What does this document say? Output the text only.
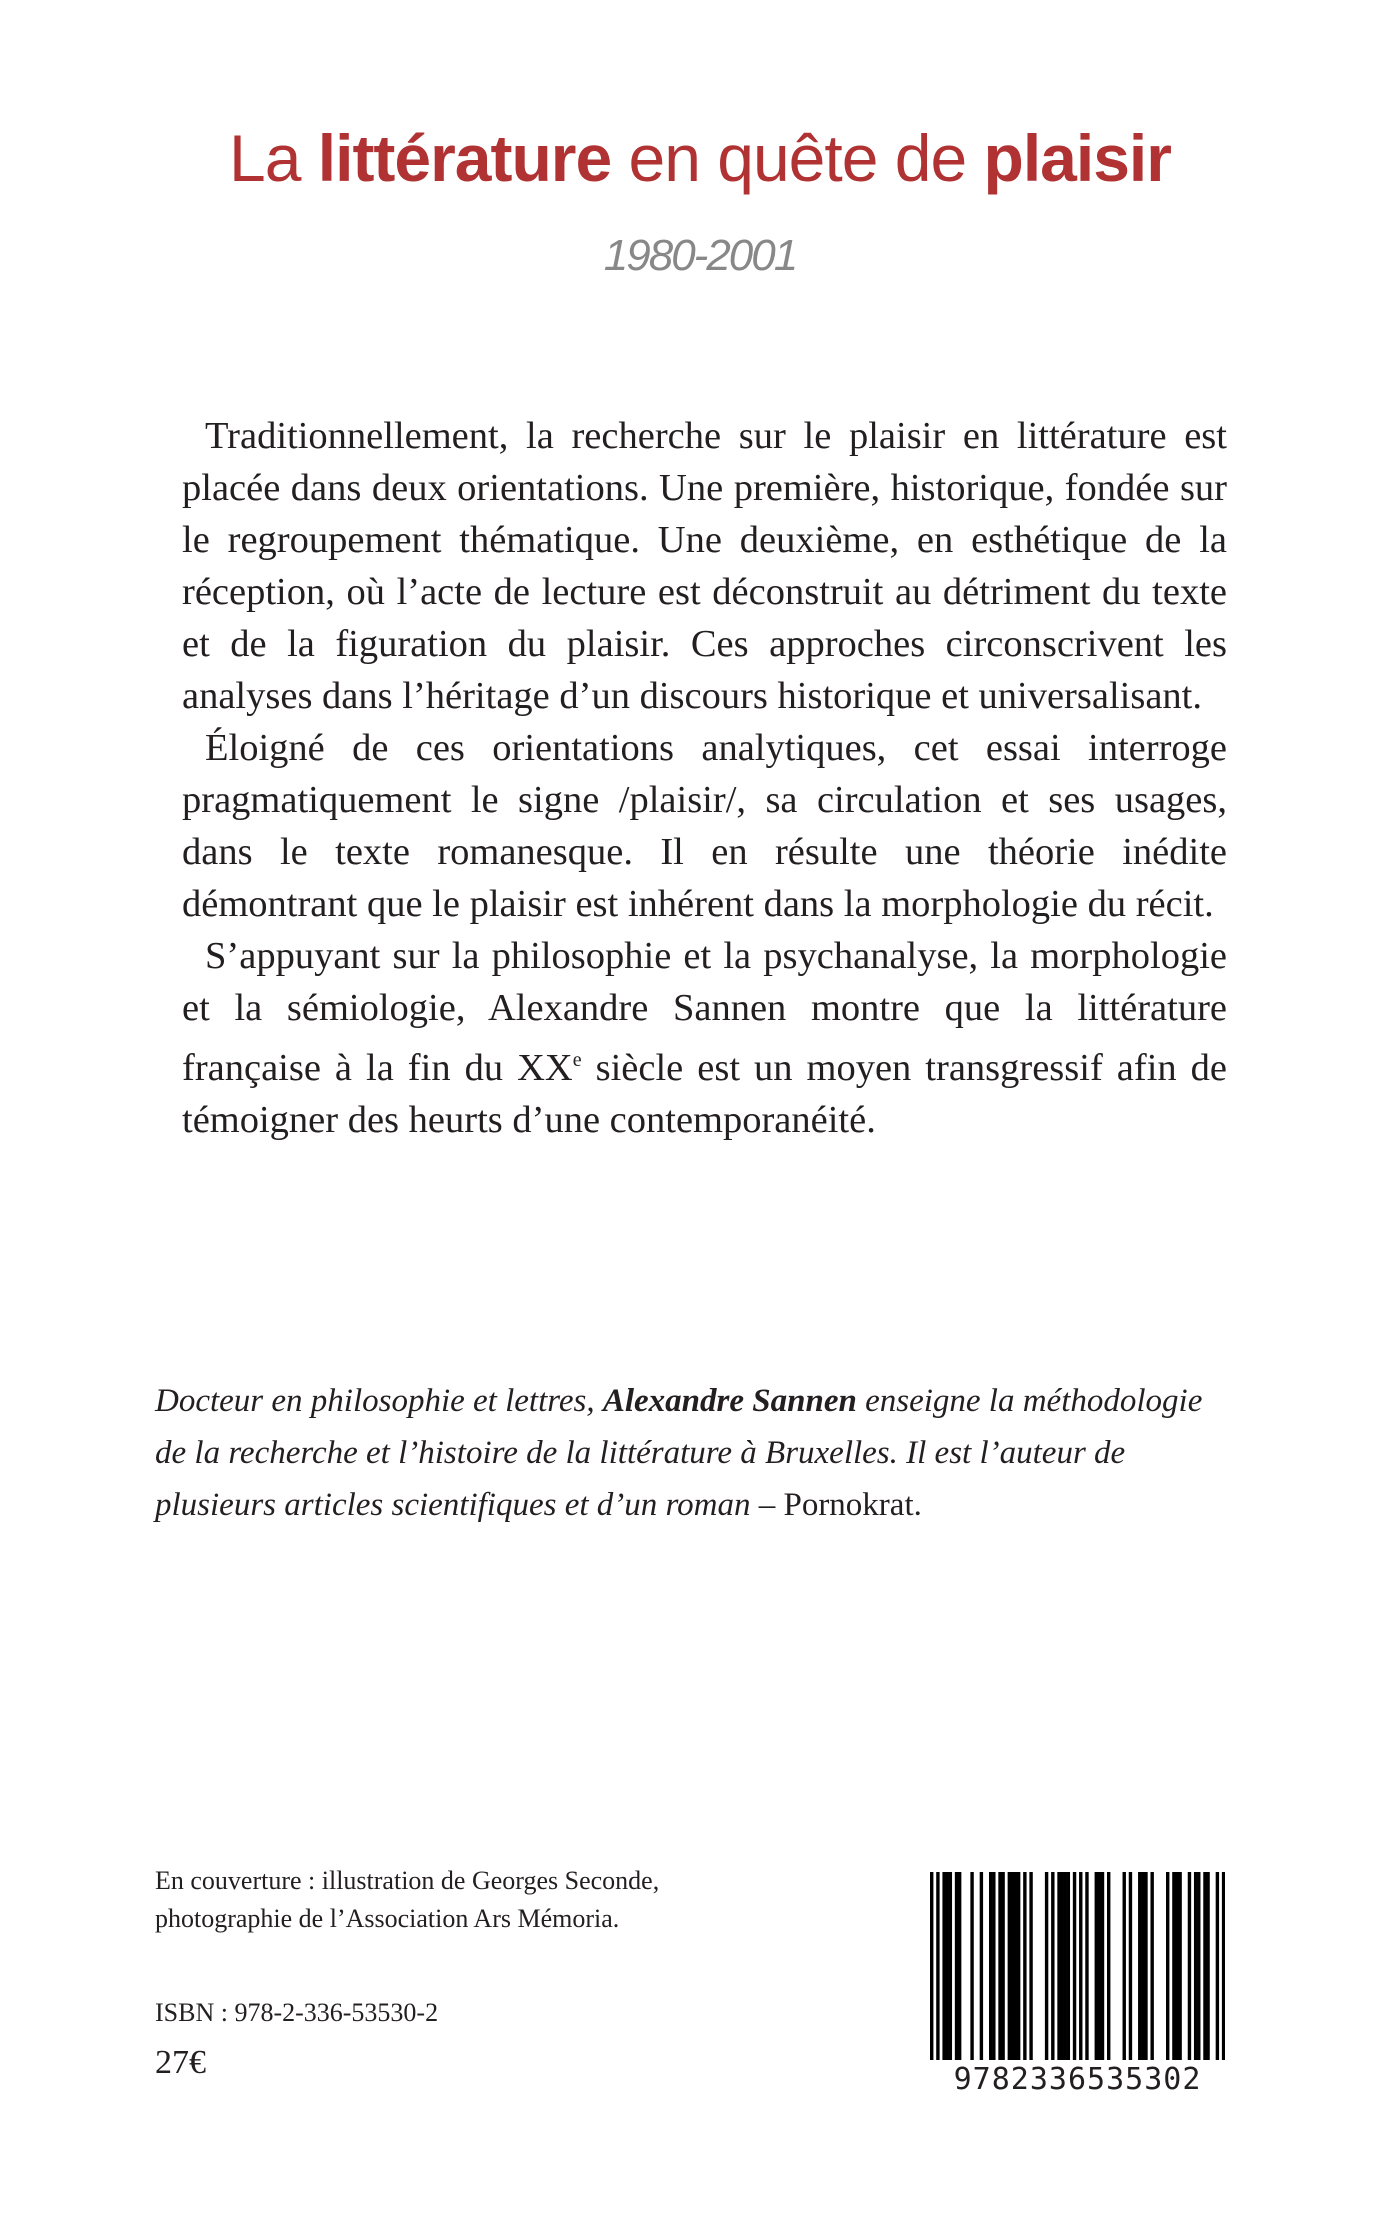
La littérature en quête de plaisir
1980-2001

Traditionnellement, la recherche sur le plaisir en littérature est placée dans deux orientations. Une première, historique, fondée sur le regroupement thématique. Une deuxième, en esthétique de la réception, où l’acte de lecture est déconstruit au détriment du texte et de la figuration du plaisir. Ces approches circonscrivent les analyses dans l’héritage d’un discours historique et universalisant.

Éloigné de ces orientations analytiques, cet essai interroge pragmatiquement le signe /plaisir/, sa circulation et ses usages, dans le texte romanesque. Il en résulte une théorie inédite démontrant que le plaisir est inhérent dans la morphologie du récit.

S’appuyant sur la philosophie et la psychanalyse, la morphologie et la sémiologie, Alexandre Sannen montre que la littérature française à la fin du XXe siècle est un moyen transgressif afin de témoigner des heurts d’une contemporanéité.

Docteur en philosophie et lettres, Alexandre Sannen enseigne la méthodologie de la recherche et l’histoire de la littérature à Bruxelles. Il est l’auteur de plusieurs articles scientifiques et d’un roman – Pornokrat.
En couverture : illustration de Georges Seconde,
photographie de l’Association Ars Mémoria.
ISBN : 978-2-336-53530-2
27€	9782336535302
